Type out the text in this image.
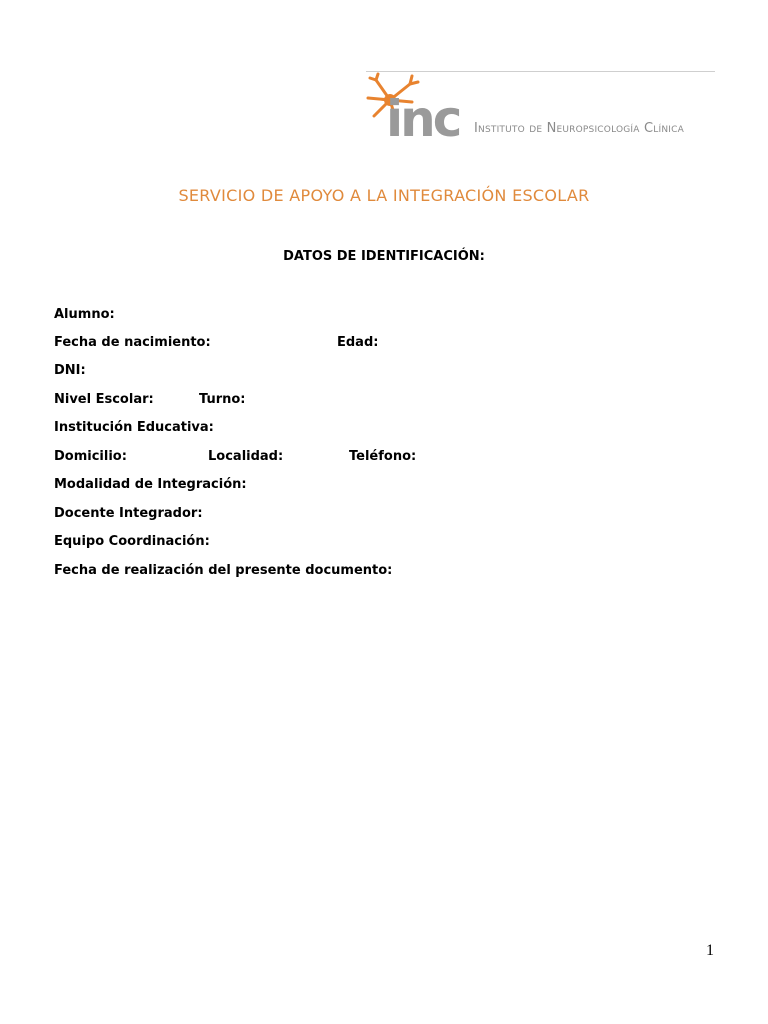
inc Instituto de Neuropsicología Clínica
SERVICIO DE APOYO A LA INTEGRACIÓN ESCOLAR
DATOS DE IDENTIFICACIÓN:
Alumno:
Fecha de nacimiento:	Edad:
DNI:
Nivel Escolar:	Turno:
Institución Educativa:
Domicilio:	Localidad:	Teléfono:
Modalidad de Integración:
Docente Integrador:
Equipo Coordinación:
Fecha de realización del presente documento:
1
